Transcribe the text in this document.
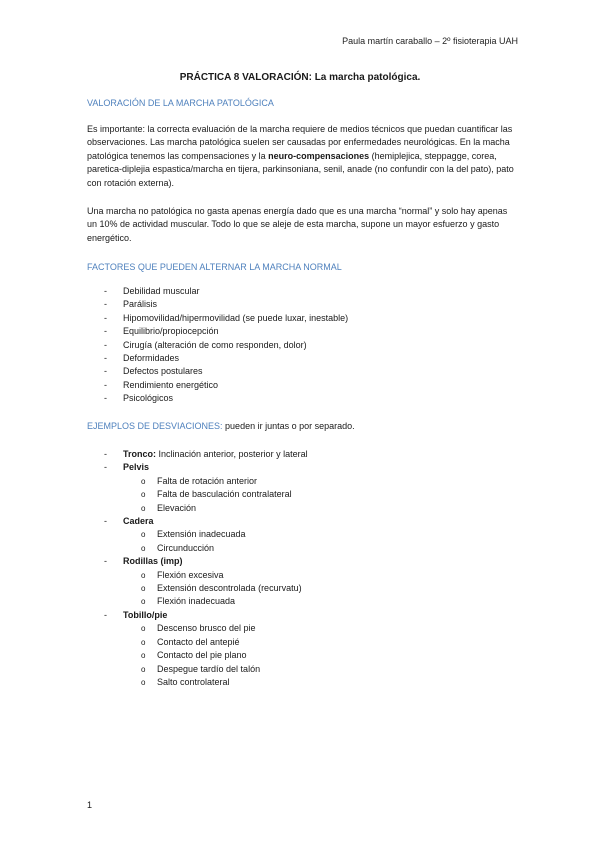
Paula martín caraballo – 2º fisioterapia UAH
PRÁCTICA 8 VALORACIÓN: La marcha patológica.
VALORACIÓN DE LA MARCHA PATOLÓGICA
Es importante: la correcta evaluación de la marcha requiere de medios técnicos que puedan cuantificar las observaciones. Las marcha patológica suelen ser causadas por enfermedades neurológicas. En la macha patológica tenemos las compensaciones y la neuro-compensaciones (hemiplejica, steppagge, corea, paretica-diplejia espastica/marcha en tijera, parkinsoniana, senil, anade (no confundir con la del pato), pato con rotación externa).
Una marcha no patológica no gasta apenas energía dado que es una marcha “normal” y solo hay apenas un 10% de actividad muscular. Todo lo que se aleje de esta marcha, supone un mayor esfuerzo y gasto energético.
FACTORES QUE PUEDEN ALTERNAR LA MARCHA NORMAL
- Debilidad muscular
- Parálisis
- Hipomovilidad/hipermovilidad (se puede luxar, inestable)
- Equilibrio/propiocepción
- Cirugía (alteración de como responden, dolor)
- Deformidades
- Defectos postulares
- Rendimiento energético
- Psicológicos
EJEMPLOS DE DESVIACIONES: pueden ir juntas o por separado.
- Tronco: Inclinación anterior, posterior y lateral
- Pelvis
o Falta de rotación anterior
o Falta de basculación contralateral
o Elevación
- Cadera
o Extensión inadecuada
o Circunducción
- Rodillas (imp)
o Flexión excesiva
o Extensión descontrolada (recurvatu)
o Flexión inadecuada
- Tobillo/pie
o Descenso brusco del pie
o Contacto del antepié
o Contacto del pie plano
o Despegue tardío del talón
o Salto controlateral
1
